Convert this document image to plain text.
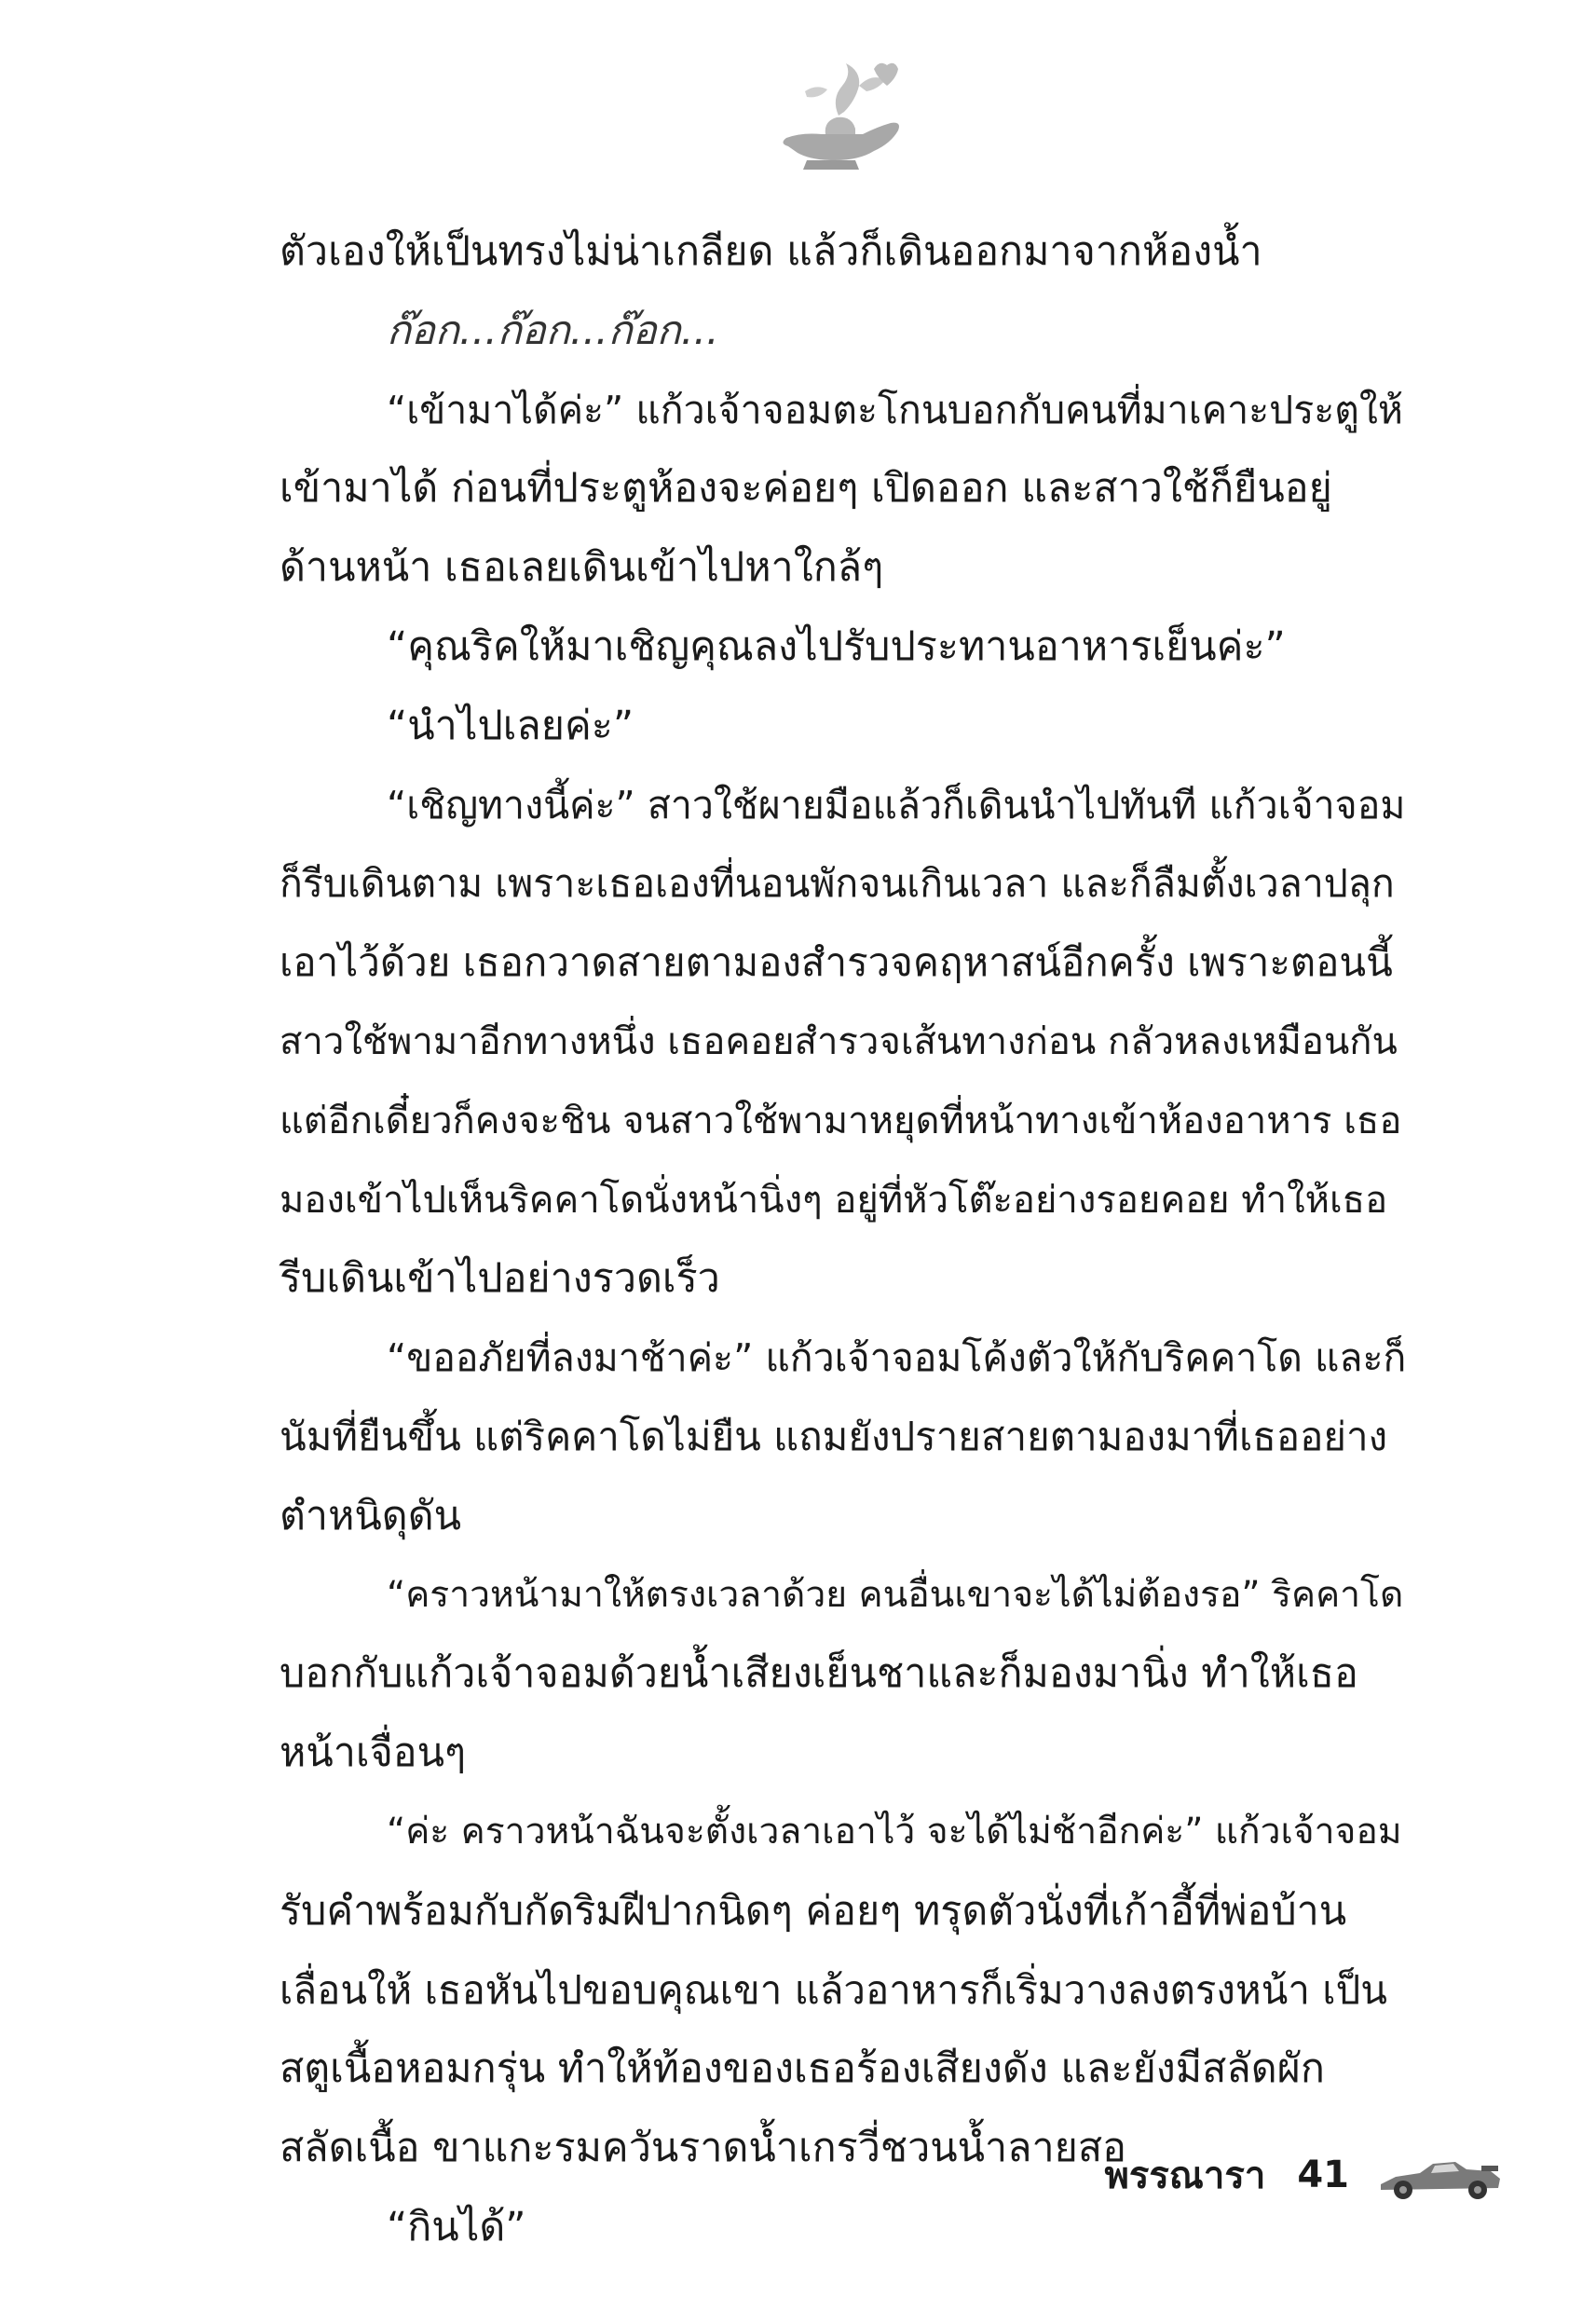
ตัวเองให้เป็นทรงไม่น่าเกลียด แล้วก็เดินออกมาจากห้องน้ำ

ก๊อก...ก๊อก...ก๊อก...

“เข้ามาได้ค่ะ” แก้วเจ้าจอมตะโกนบอกกับคนที่มาเคาะประตูให้

เข้ามาได้ ก่อนที่ประตูห้องจะค่อยๆ เปิดออก และสาวใช้ก็ยืนอยู่

ด้านหน้า เธอเลยเดินเข้าไปหาใกล้ๆ

“คุณริคให้มาเชิญคุณลงไปรับประทานอาหารเย็นค่ะ”

“นำไปเลยค่ะ”

“เชิญทางนี้ค่ะ” สาวใช้ผายมือแล้วก็เดินนำไปทันที แก้วเจ้าจอม

ก็รีบเดินตาม เพราะเธอเองที่นอนพักจนเกินเวลา และก็ลืมตั้งเวลาปลุก

เอาไว้ด้วย เธอกวาดสายตามองสำรวจคฤหาสน์อีกครั้ง เพราะตอนนี้

สาวใช้พามาอีกทางหนึ่ง เธอคอยสำรวจเส้นทางก่อน กลัวหลงเหมือนกัน

แต่อีกเดี๋ยวก็คงจะชิน จนสาวใช้พามาหยุดที่หน้าทางเข้าห้องอาหาร เธอ

มองเข้าไปเห็นริคคาโดนั่งหน้านิ่งๆ อยู่ที่หัวโต๊ะอย่างรอยคอย ทำให้เธอ

รีบเดินเข้าไปอย่างรวดเร็ว

“ขออภัยที่ลงมาช้าค่ะ” แก้วเจ้าจอมโค้งตัวให้กับริคคาโด และก็

นัมที่ยืนขึ้น แต่ริคคาโดไม่ยืน แถมยังปรายสายตามองมาที่เธออย่าง

ตำหนิดุดัน

“คราวหน้ามาให้ตรงเวลาด้วย คนอื่นเขาจะได้ไม่ต้องรอ” ริคคาโด

บอกกับแก้วเจ้าจอมด้วยน้ำเสียงเย็นชาและก็มองมานิ่ง ทำให้เธอ

หน้าเจื่อนๆ

“ค่ะ คราวหน้าฉันจะตั้งเวลาเอาไว้ จะได้ไม่ช้าอีกค่ะ” แก้วเจ้าจอม

รับคำพร้อมกับกัดริมฝีปากนิดๆ ค่อยๆ ทรุดตัวนั่งที่เก้าอี้ที่พ่อบ้าน

เลื่อนให้ เธอหันไปขอบคุณเขา แล้วอาหารก็เริ่มวางลงตรงหน้า เป็น

สตูเนื้อหอมกรุ่น ทำให้ท้องของเธอร้องเสียงดัง และยังมีสลัดผัก

สลัดเนื้อ ขาแกะรมควันราดน้ำเกรวี่ชวนน้ำลายสอ

“กินได้”

พรรณารา 41
